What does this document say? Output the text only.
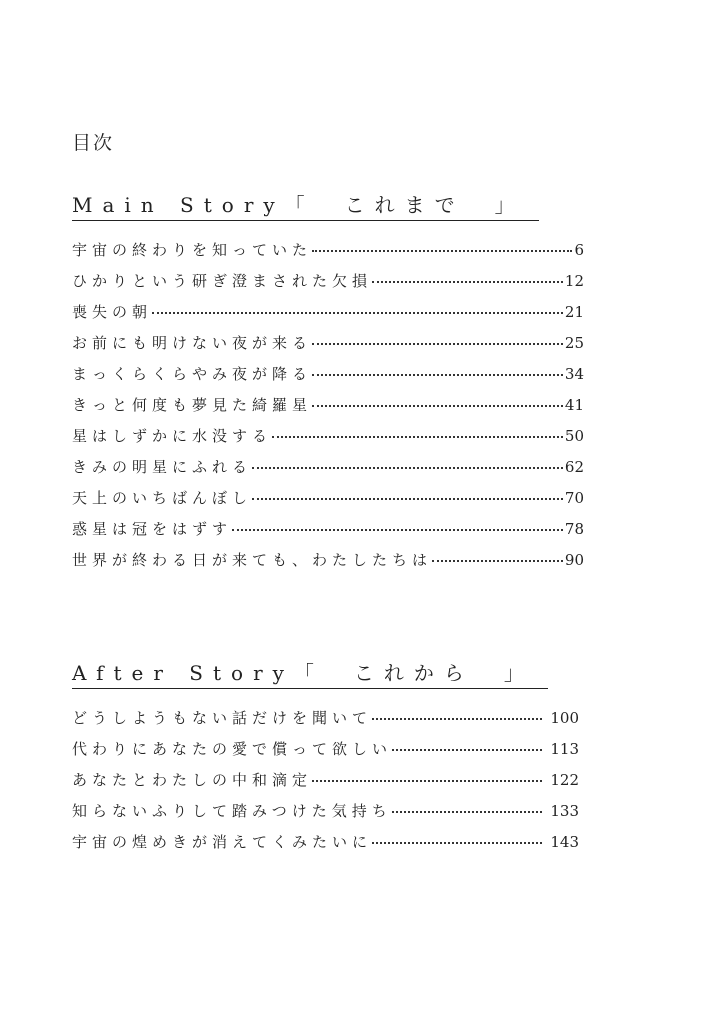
目次
Main Story「　これまで　」
宇宙の終わりを知っていた	6
ひかりという研ぎ澄まされた欠損	12
喪失の朝	21
お前にも明けない夜が来る	25
まっくらくらやみ夜が降る	34
きっと何度も夢見た綺羅星	41
星はしずかに水没する	50
きみの明星にふれる	62
天上のいちばんぼし	70
惑星は冠をはずす	78
世界が終わる日が来ても、わたしたちは	90
After Story「　これから　」
どうしようもない話だけを聞いて	100
代わりにあなたの愛で償って欲しい	113
あなたとわたしの中和滴定	122
知らないふりして踏みつけた気持ち	133
宇宙の煌めきが消えてくみたいに	143
